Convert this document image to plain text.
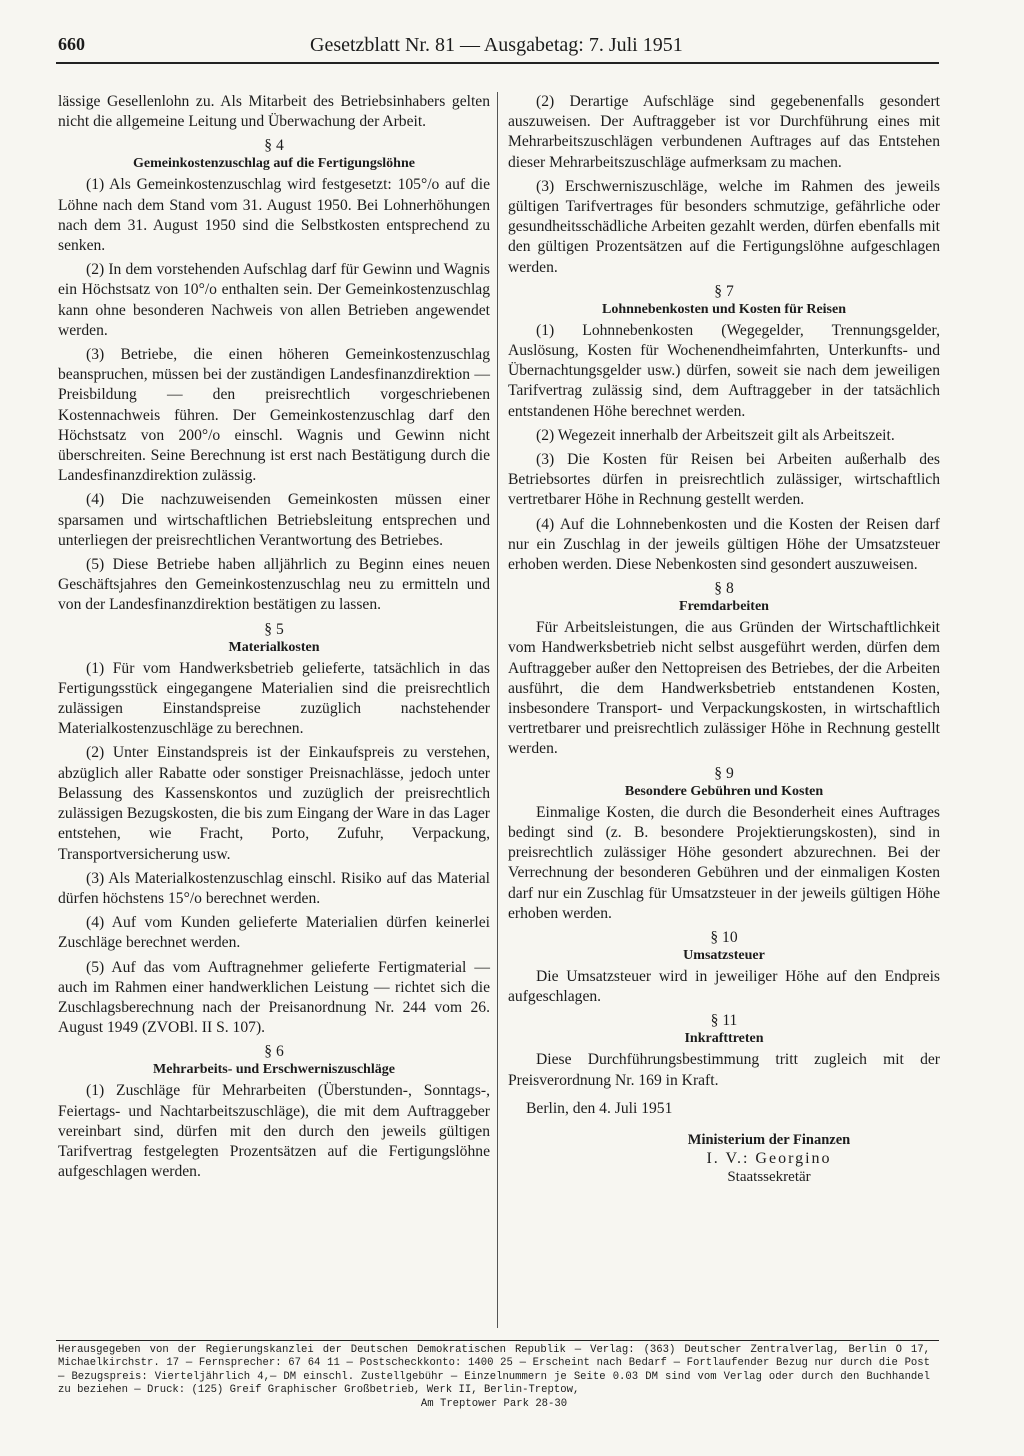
660	Gesetzblatt Nr. 81 — Ausgabetag: 7. Juli 1951

lässige Gesellenlohn zu. Als Mitarbeit des Betriebsinhabers gelten nicht die allgemeine Leitung und Überwachung der Arbeit.

§ 4

Gemeinkostenzuschlag auf die Fertigungslöhne

(1) Als Gemeinkostenzuschlag wird festgesetzt: 105°/o auf die Löhne nach dem Stand vom 31. August 1950. Bei Lohnerhöhungen nach dem 31. August 1950 sind die Selbstkosten entsprechend zu senken.

(2) In dem vorstehenden Aufschlag darf für Gewinn und Wagnis ein Höchstsatz von 10°/o enthalten sein. Der Gemeinkostenzuschlag kann ohne besonderen Nachweis von allen Betrieben angewendet werden.

(3) Betriebe, die einen höheren Gemeinkostenzuschlag beanspruchen, müssen bei der zuständigen Landesfinanzdirektion — Preisbildung — den preisrechtlich vorgeschriebenen Kostennachweis führen. Der Gemeinkostenzuschlag darf den Höchstsatz von 200°/o einschl. Wagnis und Gewinn nicht überschreiten. Seine Berechnung ist erst nach Bestätigung durch die Landesfinanzdirektion zulässig.

(4) Die nachzuweisenden Gemeinkosten müssen einer sparsamen und wirtschaftlichen Betriebsleitung entsprechen und unterliegen der preisrechtlichen Verantwortung des Betriebes.

(5) Diese Betriebe haben alljährlich zu Beginn eines neuen Geschäftsjahres den Gemeinkostenzuschlag neu zu ermitteln und von der Landesfinanzdirektion bestätigen zu lassen.

§ 5

Materialkosten

(1) Für vom Handwerksbetrieb gelieferte, tatsächlich in das Fertigungsstück eingegangene Materialien sind die preisrechtlich zulässigen Einstandspreise zuzüglich nachstehender Materialkostenzuschläge zu berechnen.

(2) Unter Einstandspreis ist der Einkaufspreis zu verstehen, abzüglich aller Rabatte oder sonstiger Preisnachlässe, jedoch unter Belassung des Kassenskontos und zuzüglich der preisrechtlich zulässigen Bezugskosten, die bis zum Eingang der Ware in das Lager entstehen, wie Fracht, Porto, Zufuhr, Verpackung, Transportversicherung usw.

(3) Als Materialkostenzuschlag einschl. Risiko auf das Material dürfen höchstens 15°/o berechnet werden.

(4) Auf vom Kunden gelieferte Materialien dürfen keinerlei Zuschläge berechnet werden.

(5) Auf das vom Auftragnehmer gelieferte Fertigmaterial — auch im Rahmen einer handwerklichen Leistung — richtet sich die Zuschlagsberechnung nach der Preisanordnung Nr. 244 vom 26. August 1949 (ZVOBl. II S. 107).

§ 6

Mehrarbeits- und Erschwerniszuschläge

(1) Zuschläge für Mehrarbeiten (Überstunden-, Sonntags-, Feiertags- und Nachtarbeitszuschläge), die mit dem Auftraggeber vereinbart sind, dürfen mit den durch den jeweils gültigen Tarifvertrag festgelegten Prozentsätzen auf die Fertigungslöhne aufgeschlagen werden.

(2) Derartige Aufschläge sind gegebenenfalls gesondert auszuweisen. Der Auftraggeber ist vor Durchführung eines mit Mehrarbeitszuschlägen verbundenen Auftrages auf das Entstehen dieser Mehrarbeitszuschläge aufmerksam zu machen.

(3) Erschwerniszuschläge, welche im Rahmen des jeweils gültigen Tarifvertrages für besonders schmutzige, gefährliche oder gesundheitsschädliche Arbeiten gezahlt werden, dürfen ebenfalls mit den gültigen Prozentsätzen auf die Fertigungslöhne aufgeschlagen werden.

§ 7

Lohnnebenkosten und Kosten für Reisen

(1) Lohnnebenkosten (Wegegelder, Trennungsgelder, Auslösung, Kosten für Wochenendheimfahrten, Unterkunfts- und Übernachtungsgelder usw.) dürfen, soweit sie nach dem jeweiligen Tarifvertrag zulässig sind, dem Auftraggeber in der tatsächlich entstandenen Höhe berechnet werden.

(2) Wegezeit innerhalb der Arbeitszeit gilt als Arbeitszeit.

(3) Die Kosten für Reisen bei Arbeiten außerhalb des Betriebsortes dürfen in preisrechtlich zulässiger, wirtschaftlich vertretbarer Höhe in Rechnung gestellt werden.

(4) Auf die Lohnnebenkosten und die Kosten der Reisen darf nur ein Zuschlag in der jeweils gültigen Höhe der Umsatzsteuer erhoben werden. Diese Nebenkosten sind gesondert auszuweisen.

§ 8

Fremdarbeiten

Für Arbeitsleistungen, die aus Gründen der Wirtschaftlichkeit vom Handwerksbetrieb nicht selbst ausgeführt werden, dürfen dem Auftraggeber außer den Nettopreisen des Betriebes, der die Arbeiten ausführt, die dem Handwerksbetrieb entstandenen Kosten, insbesondere Transport- und Verpackungskosten, in wirtschaftlich vertretbarer und preisrechtlich zulässiger Höhe in Rechnung gestellt werden.

§ 9

Besondere Gebühren und Kosten

Einmalige Kosten, die durch die Besonderheit eines Auftrages bedingt sind (z. B. besondere Projektierungskosten), sind in preisrechtlich zulässiger Höhe gesondert abzurechnen. Bei der Verrechnung der besonderen Gebühren und der einmaligen Kosten darf nur ein Zuschlag für Umsatzsteuer in der jeweils gültigen Höhe erhoben werden.

§ 10

Umsatzsteuer

Die Umsatzsteuer wird in jeweiliger Höhe auf den Endpreis aufgeschlagen.

§ 11

Inkrafttreten

Diese Durchführungsbestimmung tritt zugleich mit der Preisverordnung Nr. 169 in Kraft.

Berlin, den 4. Juli 1951

Ministerium der Finanzen

I. V.: Georgino

Staatssekretär

Herausgegeben von der Regierungskanzlei der Deutschen Demokratischen Republik — Verlag: (363) Deutscher Zentralverlag, Berlin O 17, Michaelkirchstr. 17 — Fernsprecher: 67 64 11 — Postscheckkonto: 1400 25 — Erscheint nach Bedarf — Fortlaufender Bezug nur durch die Post — Bezugspreis: Vierteljährlich 4,— DM einschl. Zustellgebühr — Einzelnummern je Seite 0.03 DM sind vom Verlag oder durch den Buchhandel zu beziehen — Druck: (125) Greif Graphischer Großbetrieb, Werk II, Berlin-Treptow,

Am Treptower Park 28-30
